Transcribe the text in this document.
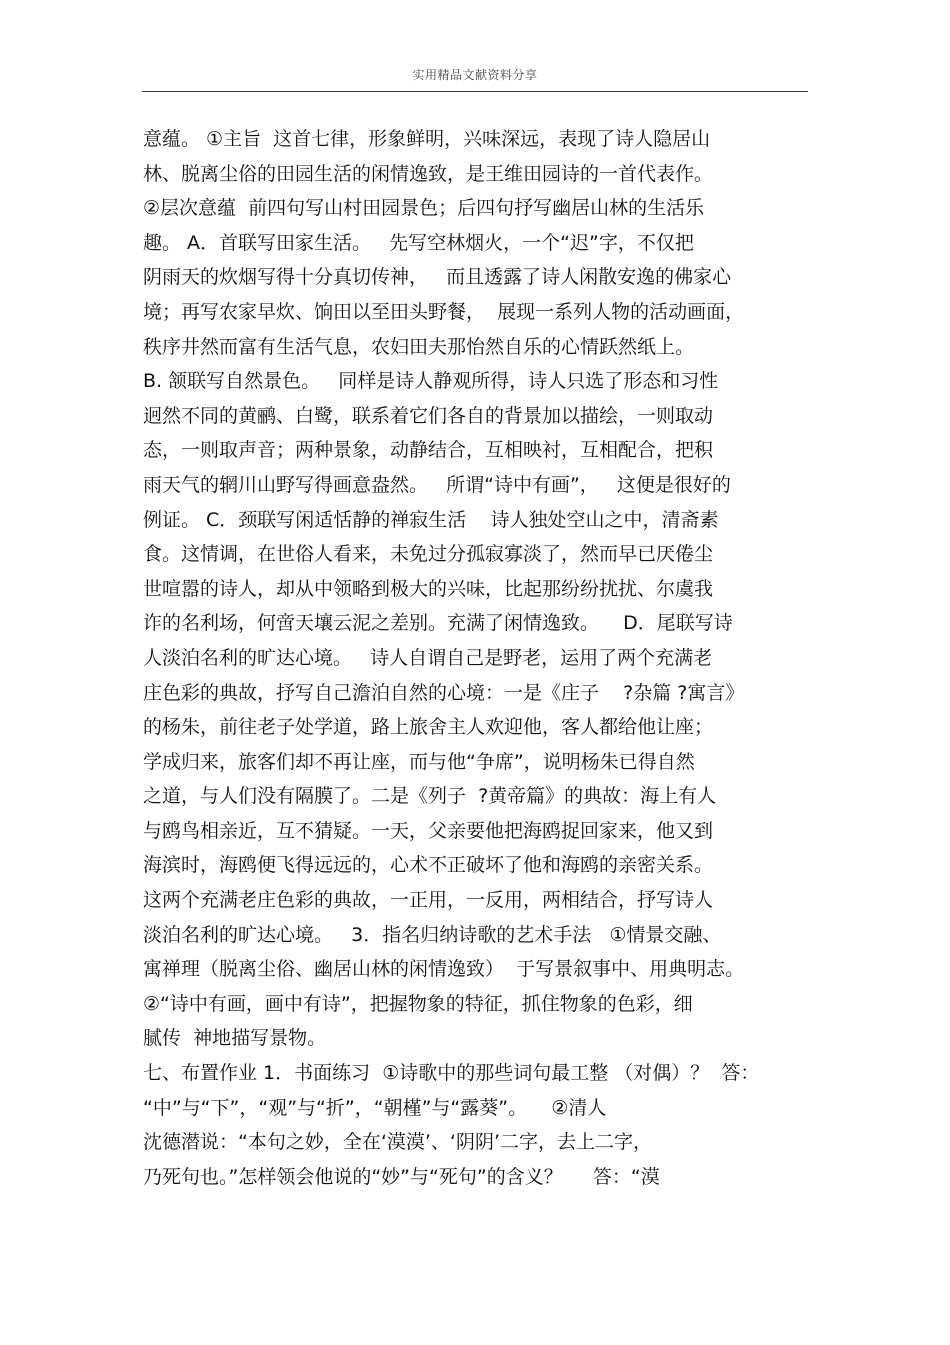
实用精品文献资料分享
意蕴。 ①主旨  这首七律，形象鲜明，兴味深远，表现了诗人隐居山
林、脱离尘俗的田园生活的闲情逸致，是王维田园诗的一首代表作。
②层次意蕴  前四句写山村田园景色；后四句抒写幽居山林的生活乐
趣。 A．首联写田家生活。   先写空林烟火，一个“迟”字，不仅把
阴雨天的炊烟写得十分真切传神，   而且透露了诗人闲散安逸的佛家心
境；再写农家早炊、饷田以至田头野餐，  展现一系列人物的活动画面，
秩序井然而富有生活气息，农妇田夫那怡然自乐的心情跃然纸上。
B. 颔联写自然景色。   同样是诗人静观所得，诗人只选了形态和习性
迥然不同的黄鹂、白鹭，联系着它们各自的背景加以描绘，一则取动
态，一则取声音；两种景象，动静结合，互相映衬，互相配合，把积
雨天气的辋川山野写得画意盎然。   所谓“诗中有画”，   这便是很好的
例证。 C．颈联写闲适恬静的禅寂生活    诗人独处空山之中，清斋素
食。这情调，在世俗人看来，未免过分孤寂寡淡了，然而早已厌倦尘
世喧嚣的诗人，却从中领略到极大的兴味，比起那纷纷扰扰、尔虞我
诈的名利场，何啻天壤云泥之差别。充满了闲情逸致。    D．尾联写诗
人淡泊名利的旷达心境。   诗人自谓自己是野老，运用了两个充满老
庄色彩的典故，抒写自己澹泊自然的心境：一是《庄子    ?杂篇 ?寓言》
的杨朱，前往老子处学道，路上旅舍主人欢迎他，客人都给他让座；
学成归来，旅客们却不再让座，而与他“争席”，说明杨朱已得自然
之道，与人们没有隔膜了。二是《列子  ?黄帝篇》的典故：海上有人
与鸥鸟相亲近，互不猜疑。一天，父亲要他把海鸥捉回家来，他又到
海滨时，海鸥便飞得远远的，心术不正破坏了他和海鸥的亲密关系。
这两个充满老庄色彩的典故，一正用，一反用，两相结合，抒写诗人
淡泊名利的旷达心境。   3．指名归纳诗歌的艺术手法   ①情景交融、
寓禅理（脱离尘俗、幽居山林的闲情逸致）  于写景叙事中、用典明志。
②“诗中有画，画中有诗”，把握物象的特征，抓住物象的色彩，细
腻传  神地描写景物。
七、布置作业 1．书面练习  ①诗歌中的那些词句最工整 （对偶）？  答：
“中”与“下”，“观”与“折”，“朝槿”与“露葵”。    ②清人
沈德潜说：“本句之妙，全在‘漠漠’、‘阴阴’二字，去上二字，
乃死句也。”怎样领会他说的“妙”与“死句”的含义？     答：“漠
